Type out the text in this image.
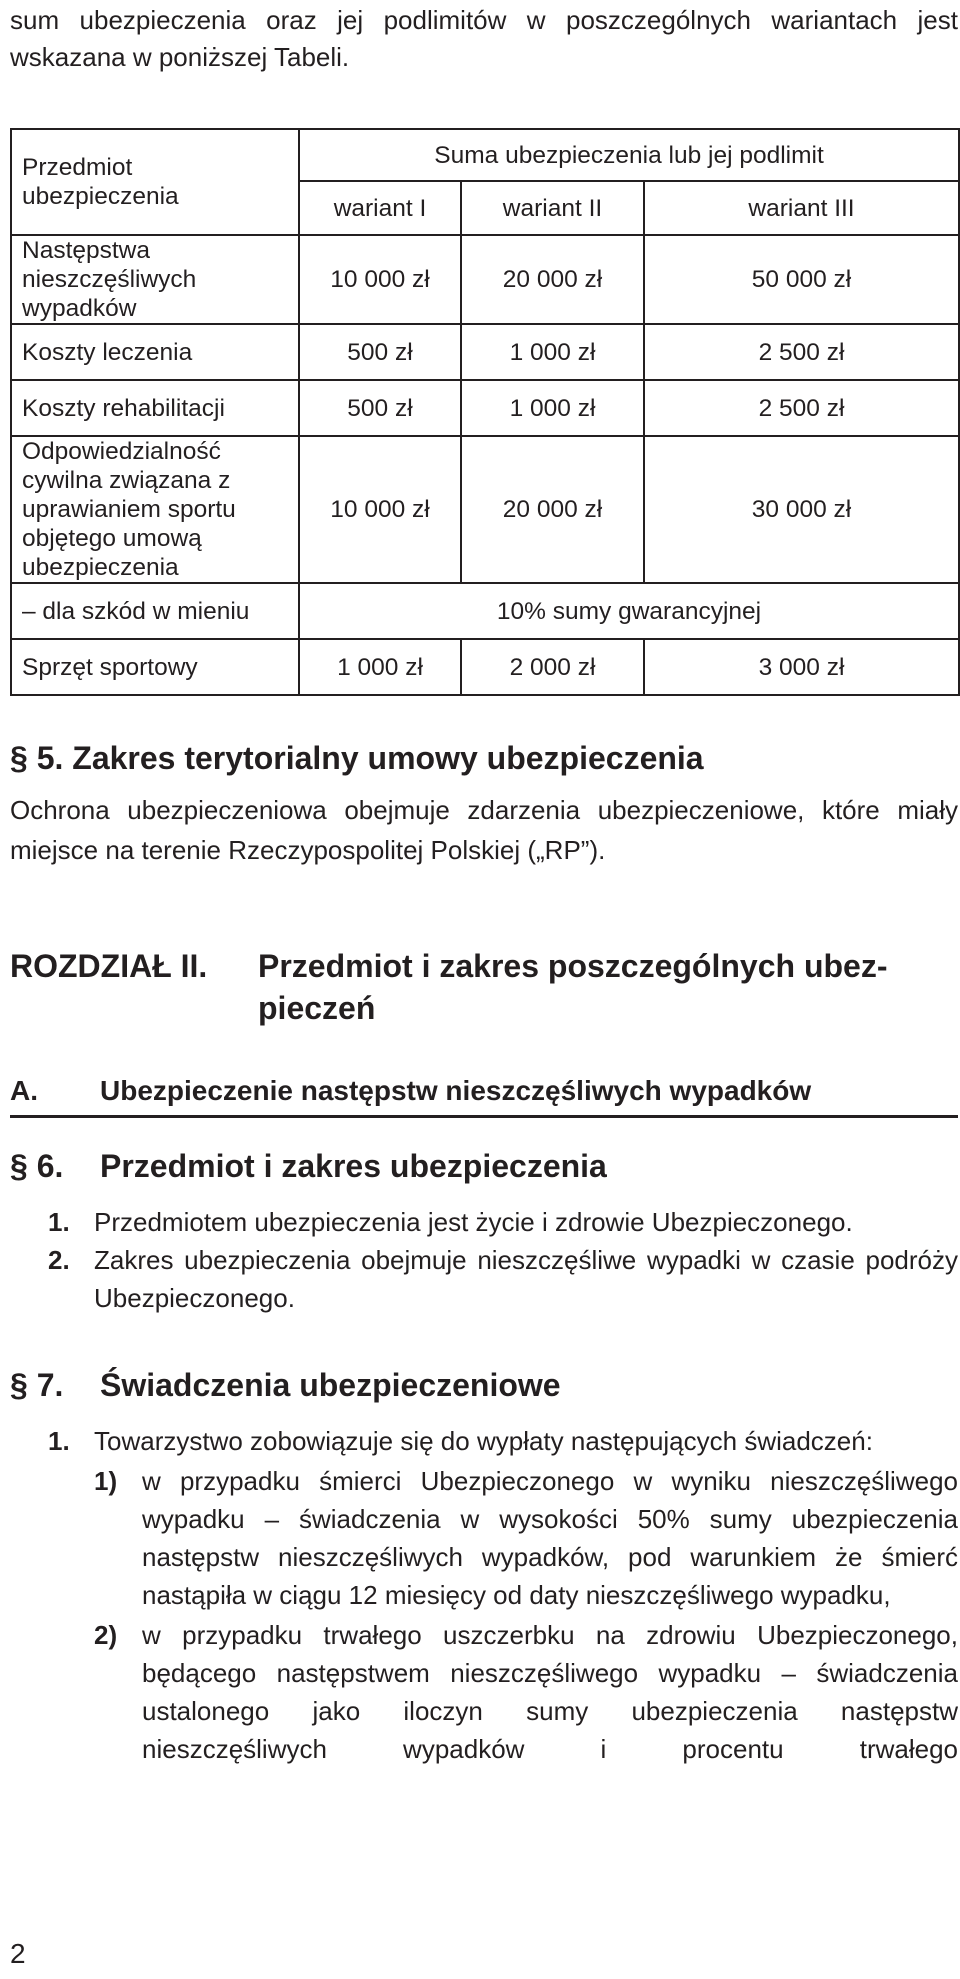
sum ubezpieczenia oraz jej podlimitów w poszczególnych wariantach jest wskazana w poniższej Tabeli.

Przedmiot ubezpieczenia	Suma ubezpieczenia lub jej podlimit		
	wariant I	wariant II	wariant III
Następstwa nieszczęśliwych wypadków	10 000 zł	20 000 zł	50 000 zł
Koszty leczenia	500 zł	1 000 zł	2 500 zł
Koszty rehabilitacji	500 zł	1 000 zł	2 500 zł
Odpowiedzialność cywilna związana z uprawianiem sportu objętego umową ubezpieczenia	10 000 zł	20 000 zł	30 000 zł
– dla szkód w mieniu	10% sumy gwarancyjnej		
Sprzęt sportowy	1 000 zł	2 000 zł	3 000 zł
§ 5. Zakres terytorialny umowy ubezpieczenia

Ochrona ubezpieczeniowa obejmuje zdarzenia ubezpieczeniowe, które miały miejsce na terenie Rzeczypospolitej Polskiej („RP”).

ROZDZIAŁ II.	Przedmiot i zakres poszczególnych ubez-
pieczeń
A. Ubezpieczenie następstw nieszczęśliwych wypadków
§ 6. Przedmiot i zakres ubezpieczenia
1. Przedmiotem ubezpieczenia jest życie i zdrowie Ubezpieczonego.
2. Zakres ubezpieczenia obejmuje nieszczęśliwe wypadki w czasie podróży Ubezpieczonego.
§ 7. Świadczenia ubezpieczeniowe
1. Towarzystwo zobowiązuje się do wypłaty następujących świadczeń:
1) w przypadku śmierci Ubezpieczonego w wyniku nieszczęśliwego wypadku – świadczenia w wysokości 50% sumy ubezpieczenia następstw nieszczęśliwych wypadków, pod warunkiem że śmierć nastąpiła w ciągu 12 miesięcy od daty nieszczęśliwego wypadku,
2) w przypadku trwałego uszczerbku na zdrowiu Ubezpieczonego, będącego następstwem nieszczęśliwego wypadku – świadczenia ustalonego jako iloczyn sumy ubezpieczenia następstw nieszczęśliwych wypadków i procentu trwałego
2
